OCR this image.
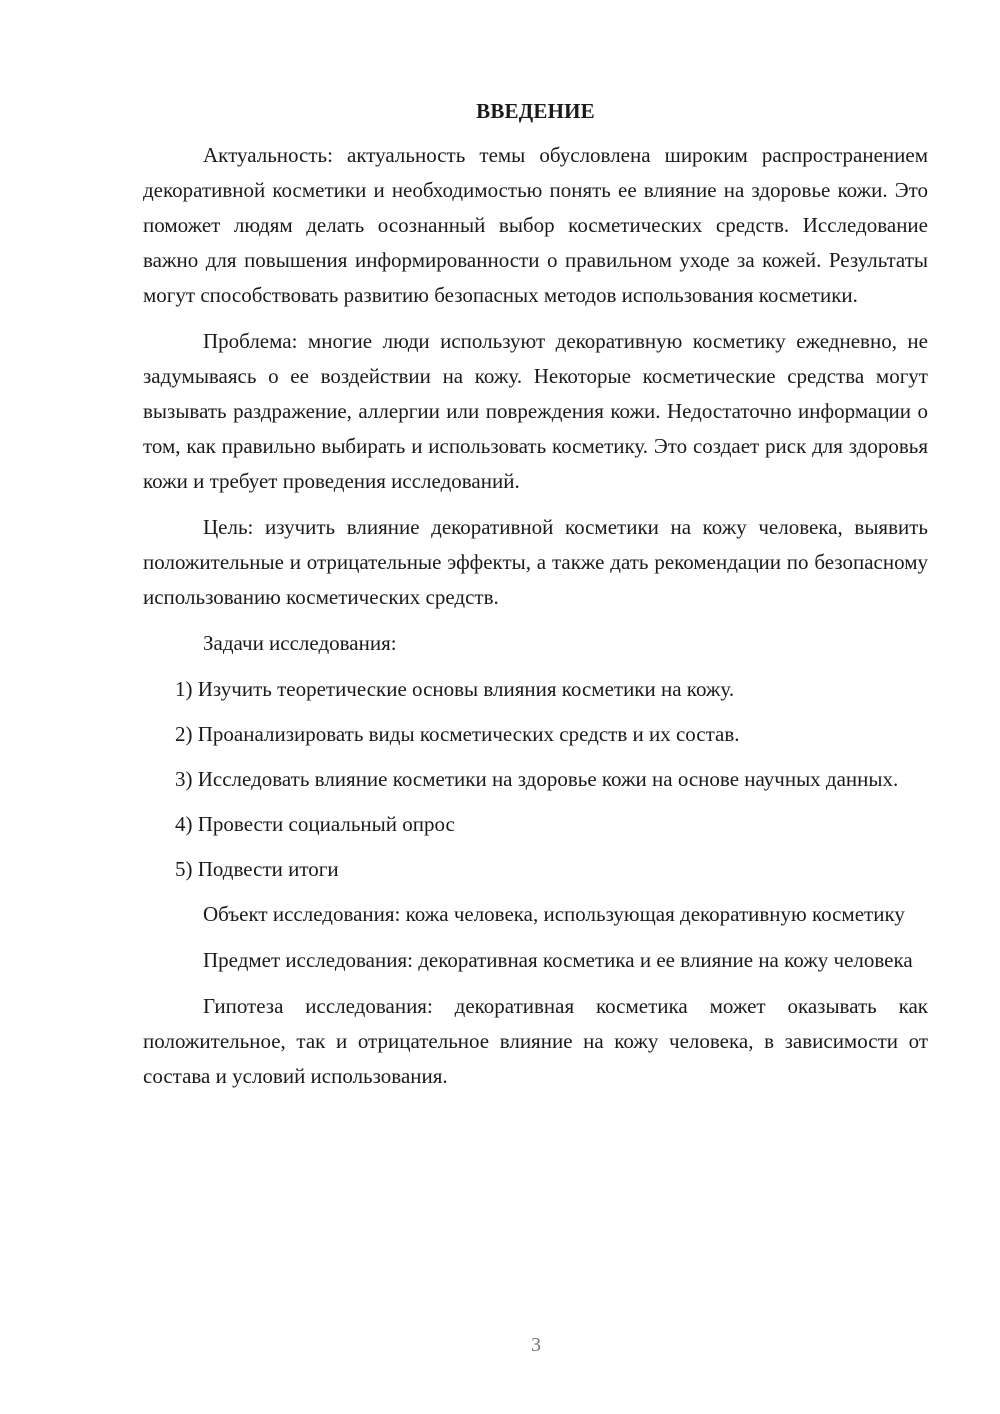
ВВЕДЕНИЕ

Актуальность: актуальность темы обусловлена широким распространением декоративной косметики и необходимостью понять ее влияние на здоровье кожи. Это поможет людям делать осознанный выбор косметических средств. Исследование важно для повышения информированности о правильном уходе за кожей. Результаты могут способствовать развитию безопасных методов использования косметики.

Проблема: многие люди используют декоративную косметику ежедневно, не задумываясь о ее воздействии на кожу. Некоторые косметические средства могут вызывать раздражение, аллергии или повреждения кожи. Недостаточно информации о том, как правильно выбирать и использовать косметику. Это создает риск для здоровья кожи и требует проведения исследований.

Цель: изучить влияние декоративной косметики на кожу человека, выявить положительные и отрицательные эффекты, а также дать рекомендации по безопасному использованию косметических средств.

Задачи исследования:

1) Изучить теоретические основы влияния косметики на кожу.

2) Проанализировать виды косметических средств и их состав.

3) Исследовать влияние косметики на здоровье кожи на основе научных данных.

4) Провести социальный опрос

5) Подвести итоги

Объект исследования: кожа человека, использующая декоративную косметику

Предмет исследования: декоративная косметика и ее влияние на кожу человека

Гипотеза исследования: декоративная косметика может оказывать как положительное, так и отрицательное влияние на кожу человека, в зависимости от состава и условий использования.

3
